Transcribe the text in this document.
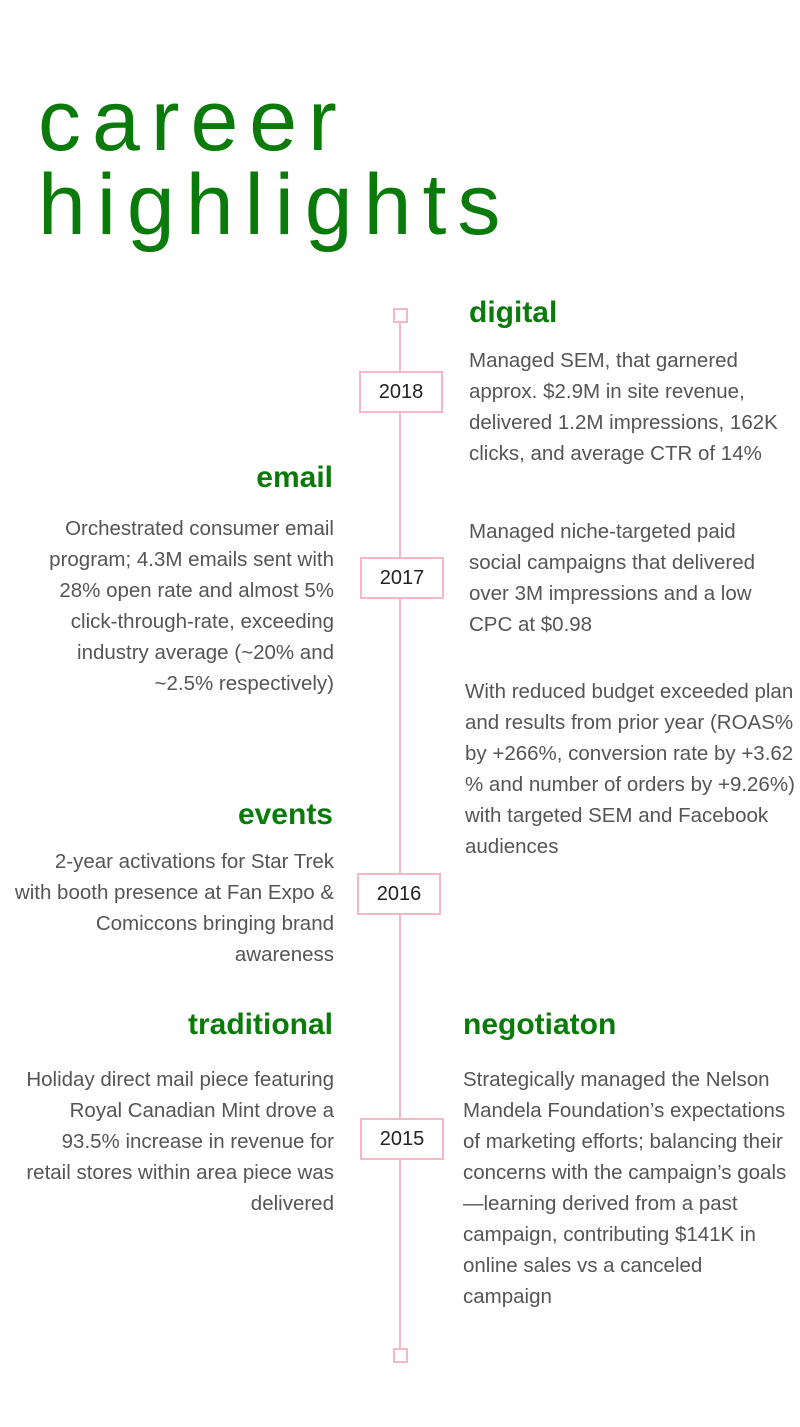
career
highlights
2018
2017
2016
2015
digital
Managed SEM, that garnered approx. $2.9M in site revenue, delivered 1.2M impressions, 162K clicks, and average CTR of 14%
Managed niche-targeted paid social campaigns that delivered over 3M impressions and a low CPC at $0.98
With reduced budget exceeded plan and results from prior year (ROAS% by +266%, conversion rate by +3.62 % and number of orders by +9.26%) with targeted SEM and Facebook audiences
email
Orchestrated consumer email program; 4.3M emails sent with 28% open rate and almost 5% click-through-rate, exceeding industry average (~20% and ~2.5% respectively)
events
2-year activations for Star Trek with booth presence at Fan Expo & Comiccons bringing brand awareness
traditional
Holiday direct mail piece featuring Royal Canadian Mint drove a 93.5% increase in revenue for retail stores within area piece was delivered
negotiaton
Strategically managed the Nelson Mandela Foundation’s expectations of marketing efforts; balancing their concerns with the campaign’s goals—learning derived from a past campaign, contributing $141K in online sales vs a canceled campaign
